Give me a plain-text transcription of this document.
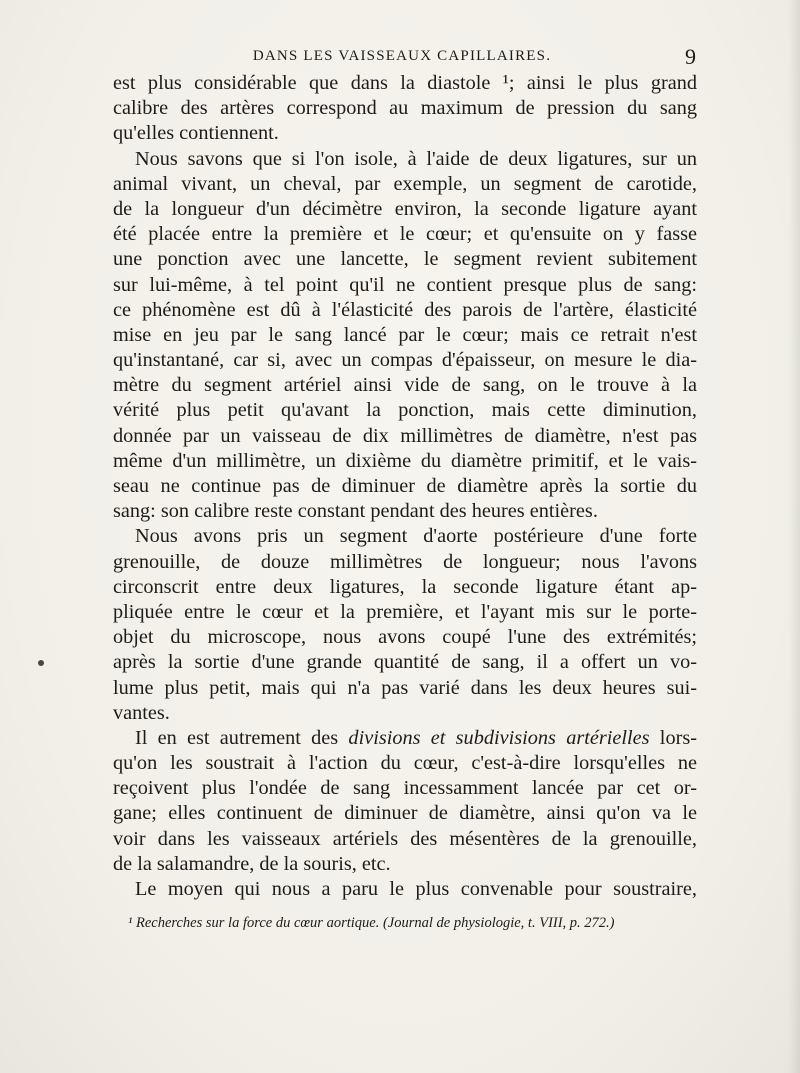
DANS LES VAISSEAUX CAPILLAIRES.	9
est plus considérable que dans la diastole ¹; ainsi le plus grand
calibre des artères correspond au maximum de pression du sang
qu'elles contiennent.
Nous savons que si l'on isole, à l'aide de deux ligatures, sur un
animal vivant, un cheval, par exemple, un segment de carotide,
de la longueur d'un décimètre environ, la seconde ligature ayant
été placée entre la première et le cœur; et qu'ensuite on y fasse
une ponction avec une lancette, le segment revient subitement
sur lui-même, à tel point qu'il ne contient presque plus de sang:
ce phénomène est dû à l'élasticité des parois de l'artère, élasticité
mise en jeu par le sang lancé par le cœur; mais ce retrait n'est
qu'instantané, car si, avec un compas d'épaisseur, on mesure le dia-
mètre du segment artériel ainsi vide de sang, on le trouve à la
vérité plus petit qu'avant la ponction, mais cette diminution,
donnée par un vaisseau de dix millimètres de diamètre, n'est pas
même d'un millimètre, un dixième du diamètre primitif, et le vais-
seau ne continue pas de diminuer de diamètre après la sortie du
sang: son calibre reste constant pendant des heures entières.
Nous avons pris un segment d'aorte postérieure d'une forte
grenouille, de douze millimètres de longueur; nous l'avons
circonscrit entre deux ligatures, la seconde ligature étant ap-
pliquée entre le cœur et la première, et l'ayant mis sur le porte-
objet du microscope, nous avons coupé l'une des extrémités;
après la sortie d'une grande quantité de sang, il a offert un vo-
lume plus petit, mais qui n'a pas varié dans les deux heures sui-
vantes.
Il en est autrement des divisions et subdivisions artérielles lors-
qu'on les soustrait à l'action du cœur, c'est-à-dire lorsqu'elles ne
reçoivent plus l'ondée de sang incessamment lancée par cet or-
gane; elles continuent de diminuer de diamètre, ainsi qu'on va le
voir dans les vaisseaux artériels des mésentères de la grenouille,
de la salamandre, de la souris, etc.
Le moyen qui nous a paru le plus convenable pour soustraire,
¹ Recherches sur la force du cœur aortique. (Journal de physiologie, t. VIII, p. 272.)
